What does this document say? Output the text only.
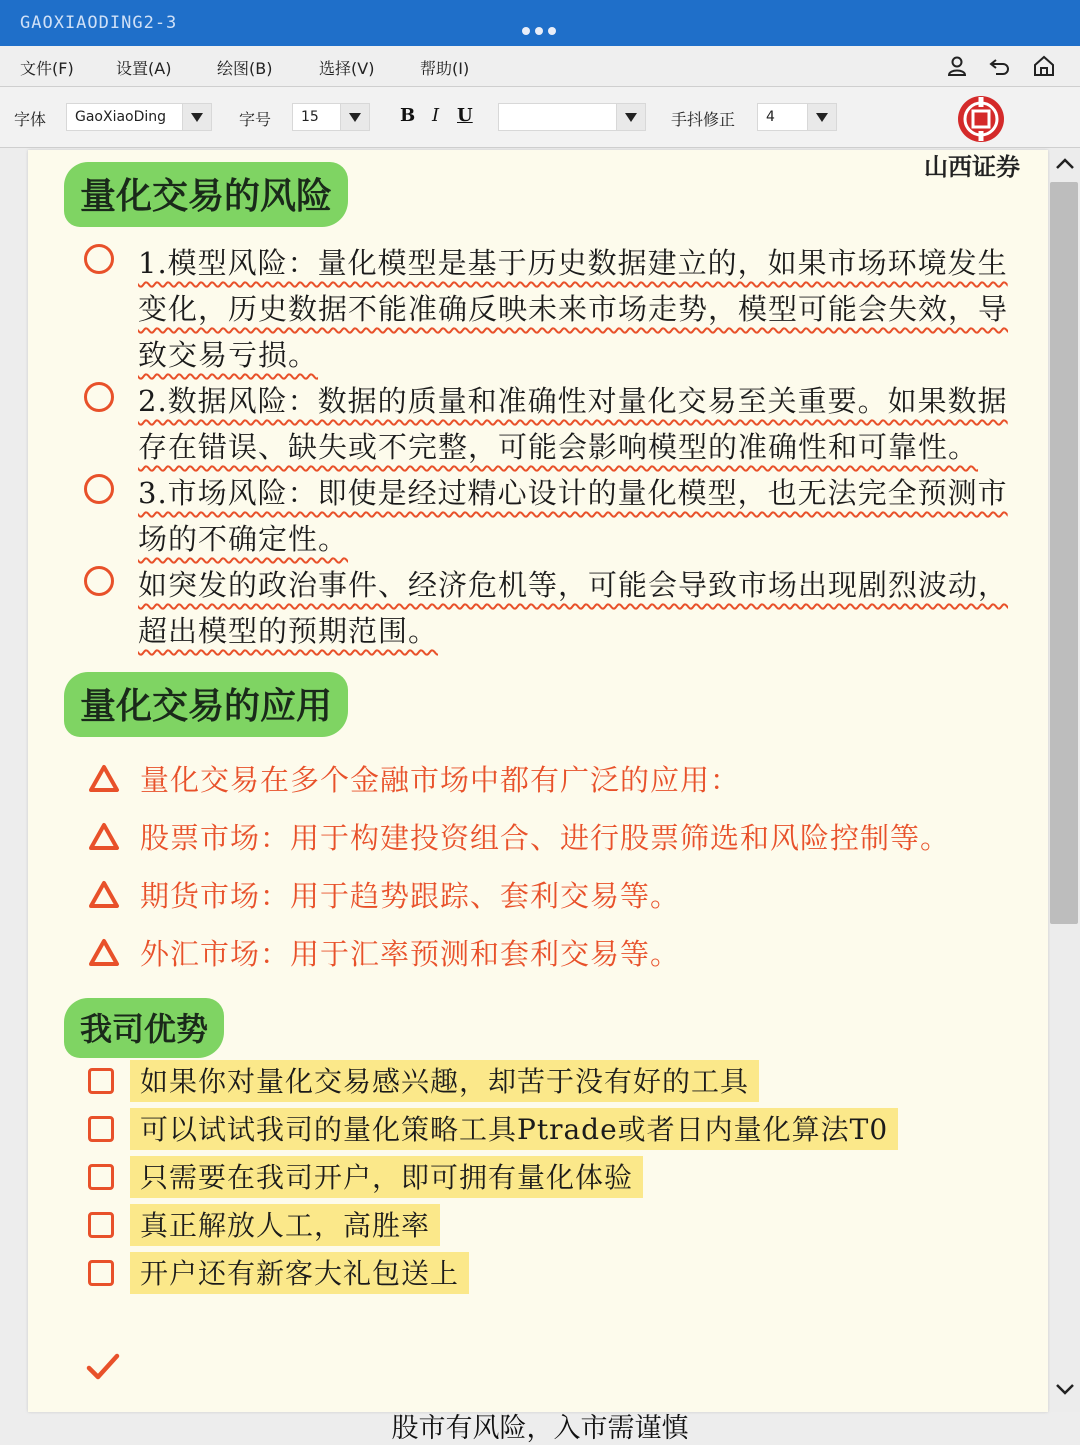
GAOXIAODING2-3
文件(F)	设置(A)	绘图(B)	选择(V)	帮助(I)
字体 GaoXiaoDing	字号 15	B I U	手抖修正 4
山西证券
量化交易的风险
1.模型风险：量化模型是基于历史数据建立的，如果市场环境发生变化，历史数据不能准确反映未来市场走势，模型可能会失效，导致交易亏损。
2.数据风险：数据的质量和准确性对量化交易至关重要。如果数据存在错误、缺失或不完整，可能会影响模型的准确性和可靠性。
3.市场风险：即使是经过精心设计的量化模型，也无法完全预测市场的不确定性。
如突发的政治事件、经济危机等，可能会导致市场出现剧烈波动，超出模型的预期范围。
量化交易的应用
量化交易在多个金融市场中都有广泛的应用：
股票市场：用于构建投资组合、进行股票筛选和风险控制等。
期货市场：用于趋势跟踪、套利交易等。
外汇市场：用于汇率预测和套利交易等。
我司优势
如果你对量化交易感兴趣，却苦于没有好的工具
可以试试我司的量化策略工具Ptrade或者日内量化算法T0
只需要在我司开户，即可拥有量化体验
真正解放人工，高胜率
开户还有新客大礼包送上
股市有风险，入市需谨慎
